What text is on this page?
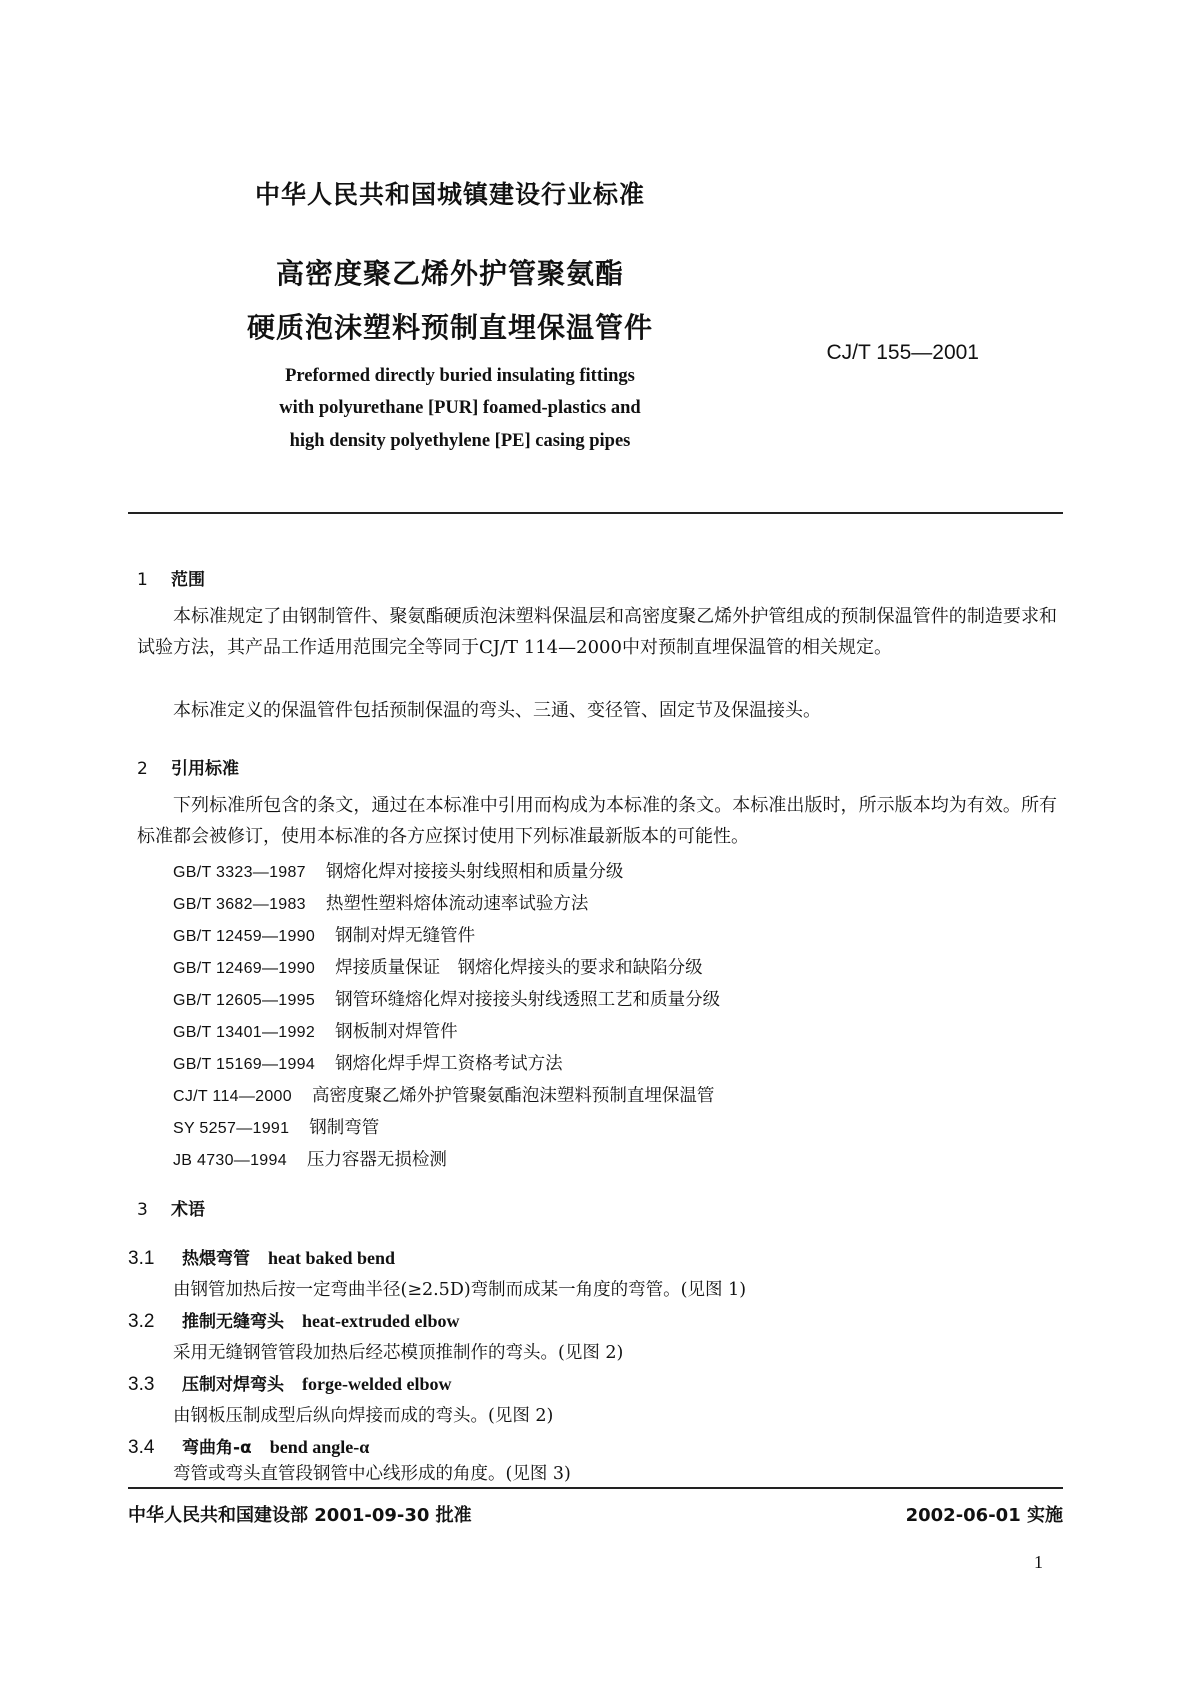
中华人民共和国城镇建设行业标准
高密度聚乙烯外护管聚氨酯
硬质泡沫塑料预制直埋保温管件
CJ/T 155—2001
Preformed directly buried insulating fittings
with polyurethane [PUR] foamed-plastics and
high density polyethylene [PE] casing pipes
1 范围
本标准规定了由钢制管件、聚氨酯硬质泡沫塑料保温层和高密度聚乙烯外护管组成的预制保温管件的制造要求和试验方法，其产品工作适用范围完全等同于CJ/T 114—2000中对预制直埋保温管的相关规定。
本标准定义的保温管件包括预制保温的弯头、三通、变径管、固定节及保温接头。
2 引用标准
下列标准所包含的条文，通过在本标准中引用而构成为本标准的条文。本标准出版时，所示版本均为有效。所有标准都会被修订，使用本标准的各方应探讨使用下列标准最新版本的可能性。
GB/T 3323—1987 钢熔化焊对接接头射线照相和质量分级
GB/T 3682—1983 热塑性塑料熔体流动速率试验方法
GB/T 12459—1990 钢制对焊无缝管件
GB/T 12469—1990 焊接质量保证　钢熔化焊接头的要求和缺陷分级
GB/T 12605—1995 钢管环缝熔化焊对接接头射线透照工艺和质量分级
GB/T 13401—1992 钢板制对焊管件
GB/T 15169—1994 钢熔化焊手焊工资格考试方法
CJ/T 114—2000 高密度聚乙烯外护管聚氨酯泡沫塑料预制直埋保温管
SY 5257—1991 钢制弯管
JB 4730—1994 压力容器无损检测
3 术语
3.1 热煨弯管 heat baked bend
由钢管加热后按一定弯曲半径(≥2.5D)弯制而成某一角度的弯管。(见图 1)
3.2 推制无缝弯头 heat-extruded elbow
采用无缝钢管管段加热后经芯模顶推制作的弯头。(见图 2)
3.3 压制对焊弯头 forge-welded elbow
由钢板压制成型后纵向焊接而成的弯头。(见图 2)
3.4 弯曲角-α bend angle-α
弯管或弯头直管段钢管中心线形成的角度。(见图 3)
中华人民共和国建设部 2001-09-30 批准	2002-06-01 实施
1
